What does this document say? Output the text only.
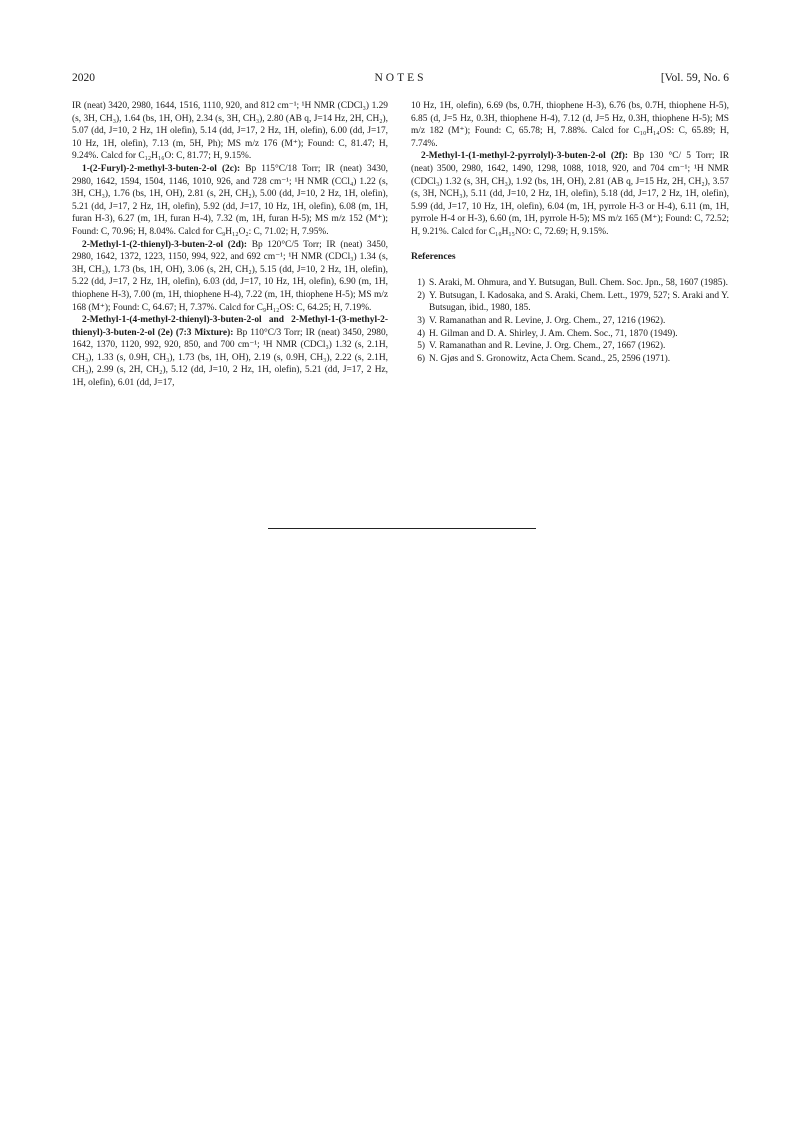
2020	NOTES	[Vol. 59, No. 6

IR (neat) 3420, 2980, 1644, 1516, 1110, 920, and 812 cm⁻¹; ¹H NMR (CDCl₃) 1.29 (s, 3H, CH₃), 1.64 (bs, 1H, OH), 2.34 (s, 3H, CH₃), 2.80 (AB q, J=14 Hz, 2H, CH₂), 5.07 (dd, J=10, 2 Hz, 1H olefin), 5.14 (dd, J=17, 2 Hz, 1H, olefin), 6.00 (dd, J=17, 10 Hz, 1H, olefin), 7.13 (m, 5H, Ph); MS m/z 176 (M⁺); Found: C, 81.47; H, 9.24%. Calcd for C₁₂H₁₆O: C, 81.77; H, 9.15%.

1-(2-Furyl)-2-methyl-3-buten-2-ol (2c): Bp 115°C/18 Torr; IR (neat) 3430, 2980, 1642, 1594, 1504, 1146, 1010, 926, and 728 cm⁻¹; ¹H NMR (CCl₄) 1.22 (s, 3H, CH₃), 1.76 (bs, 1H, OH), 2.81 (s, 2H, CH₂), 5.00 (dd, J=10, 2 Hz, 1H, olefin), 5.21 (dd, J=17, 2 Hz, 1H, olefin), 5.92 (dd, J=17, 10 Hz, 1H, olefin), 6.08 (m, 1H, furan H-3), 6.27 (m, 1H, furan H-4), 7.32 (m, 1H, furan H-5); MS m/z 152 (M⁺); Found: C, 70.96; H, 8.04%. Calcd for C₉H₁₂O₂: C, 71.02; H, 7.95%.

2-Methyl-1-(2-thienyl)-3-buten-2-ol (2d): Bp 120°C/5 Torr; IR (neat) 3450, 2980, 1642, 1372, 1223, 1150, 994, 922, and 692 cm⁻¹; ¹H NMR (CDCl₃) 1.34 (s, 3H, CH₃), 1.73 (bs, 1H, OH), 3.06 (s, 2H, CH₂), 5.15 (dd, J=10, 2 Hz, 1H, olefin), 5.22 (dd, J=17, 2 Hz, 1H, olefin), 6.03 (dd, J=17, 10 Hz, 1H, olefin), 6.90 (m, 1H, thiophene H-3), 7.00 (m, 1H, thiophene H-4), 7.22 (m, 1H, thiophene H-5); MS m/z 168 (M⁺); Found: C, 64.67; H, 7.37%. Calcd for C₉H₁₂OS: C, 64.25; H, 7.19%.

2-Methyl-1-(4-methyl-2-thienyl)-3-buten-2-ol and 2-Methyl-1-(3-methyl-2-thienyl)-3-buten-2-ol (2e) (7:3 Mixture): Bp 110°C/3 Torr; IR (neat) 3450, 2980, 1642, 1370, 1120, 992, 920, 850, and 700 cm⁻¹; ¹H NMR (CDCl₃) 1.32 (s, 2.1H, CH₃), 1.33 (s, 0.9H, CH₃), 1.73 (bs, 1H, OH), 2.19 (s, 0.9H, CH₃), 2.22 (s, 2.1H, CH₃), 2.99 (s, 2H, CH₂), 5.12 (dd, J=10, 2 Hz, 1H, olefin), 5.21 (dd, J=17, 2 Hz, 1H, olefin), 6.01 (dd, J=17,

10 Hz, 1H, olefin), 6.69 (bs, 0.7H, thiophene H-3), 6.76 (bs, 0.7H, thiophene H-5), 6.85 (d, J=5 Hz, 0.3H, thiophene H-4), 7.12 (d, J=5 Hz, 0.3H, thiophene H-5); MS m/z 182 (M⁺); Found: C, 65.78; H, 7.88%. Calcd for C₁₀H₁₄OS: C, 65.89; H, 7.74%.

2-Methyl-1-(1-methyl-2-pyrrolyl)-3-buten-2-ol (2f): Bp 130 °C/ 5 Torr; IR (neat) 3500, 2980, 1642, 1490, 1298, 1088, 1018, 920, and 704 cm⁻¹; ¹H NMR (CDCl₃) 1.32 (s, 3H, CH₃), 1.92 (bs, 1H, OH), 2.81 (AB q, J=15 Hz, 2H, CH₂), 3.57 (s, 3H, NCH₃), 5.11 (dd, J=10, 2 Hz, 1H, olefin), 5.18 (dd, J=17, 2 Hz, 1H, olefin), 5.99 (dd, J=17, 10 Hz, 1H, olefin), 6.04 (m, 1H, pyrrole H-3 or H-4), 6.11 (m, 1H, pyrrole H-4 or H-3), 6.60 (m, 1H, pyrrole H-5); MS m/z 165 (M⁺); Found: C, 72.52; H, 9.21%. Calcd for C₁₀H₁₅NO: C, 72.69; H, 9.15%.

References
1) S. Araki, M. Ohmura, and Y. Butsugan, Bull. Chem. Soc. Jpn., 58, 1607 (1985).
2) Y. Butsugan, I. Kadosaka, and S. Araki, Chem. Lett., 1979, 527; S. Araki and Y. Butsugan, ibid., 1980, 185.
3) V. Ramanathan and R. Levine, J. Org. Chem., 27, 1216 (1962).
4) H. Gilman and D. A. Shirley, J. Am. Chem. Soc., 71, 1870 (1949).
5) V. Ramanathan and R. Levine, J. Org. Chem., 27, 1667 (1962).
6) N. Gjøs and S. Gronowitz, Acta Chem. Scand., 25, 2596 (1971).
